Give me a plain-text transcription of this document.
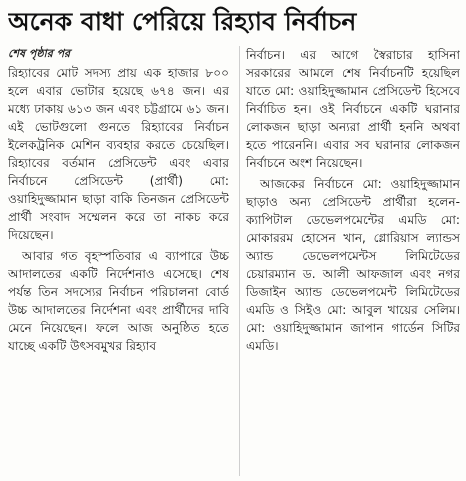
অনেক বাধা পেরিয়ে রিহ্যাব নির্বাচন

শেষ পৃষ্ঠার পর

রিহ্যাবের মোট সদস্য প্রায় এক হাজার ৮০০ হলে এবার ভোটার হয়েছে ৬৭৪ জন। এর মধ্যে ঢাকায় ৬১৩ জন এবং চট্টগ্রামে ৬১ জন। এই ভোটগুলো গুনতে রিহ্যাবের নির্বাচন ইলেকট্রনিক মেশিন ব্যবহার করতে চেয়েছিল। রিহ্যাবের বর্তমান প্রেসিডেন্ট এবং এবার নির্বাচনে প্রেসিডেন্ট (প্রার্থী) মো: ওয়াহিদুজ্জামান ছাড়া বাকি তিনজন প্রেসিডেন্ট প্রার্থী সংবাদ সম্মেলন করে তা নাকচ করে দিয়েছেন।

আবার গত বৃহস্পতিবার এ ব্যাপারে উচ্চ আদালতের একটি নির্দেশনাও এসেছে। শেষ পর্যন্ত তিন সদস্যের নির্বাচন পরিচালনা বোর্ড উচ্চ আদালতের নির্দেশনা এবং প্রার্থীদের দাবি মেনে নিয়েছেন। ফলে আজ অনুষ্ঠিত হতে যাচ্ছে একটি উৎসবমুখর রিহ্যাব

নির্বাচন। এর আগে স্বৈরাচার হাসিনা সরকারের আমলে শেষ নির্বাচনটি হয়েছিল যাতে মো: ওয়াহিদুজ্জামান প্রেসিডেন্ট হিসেবে নির্বাচিত হন। ওই নির্বাচনে একটি ঘরানার লোকজন ছাড়া অন্যরা প্রার্থী হননি অথবা হতে পারেননি। এবার সব ঘরানার লোকজন নির্বাচনে অংশ নিয়েছেন।

আজকের নির্বাচনে মো: ওয়াহিদুজ্জামান ছাড়াও অন্য প্রেসিডেন্ট প্রার্থীরা হলেন- ক্যাপিটাল ডেভেলপমেন্টের এমডি মো: মোকাররম হোসেন খান, গ্লোরিয়াস ল্যান্ডস অ্যান্ড ডেভেলপমেন্টস লিমিটেডের চেয়ারম্যান ড. আলী আফজাল এবং নগর ডিজাইন অ্যান্ড ডেভেলপমেন্ট লিমিটেডের এমডি ও সিইও মো: আবুল খায়ের সেলিম। মো: ওয়াহিদুজ্জামান জাপান গার্ডেন সিটির এমডি।
